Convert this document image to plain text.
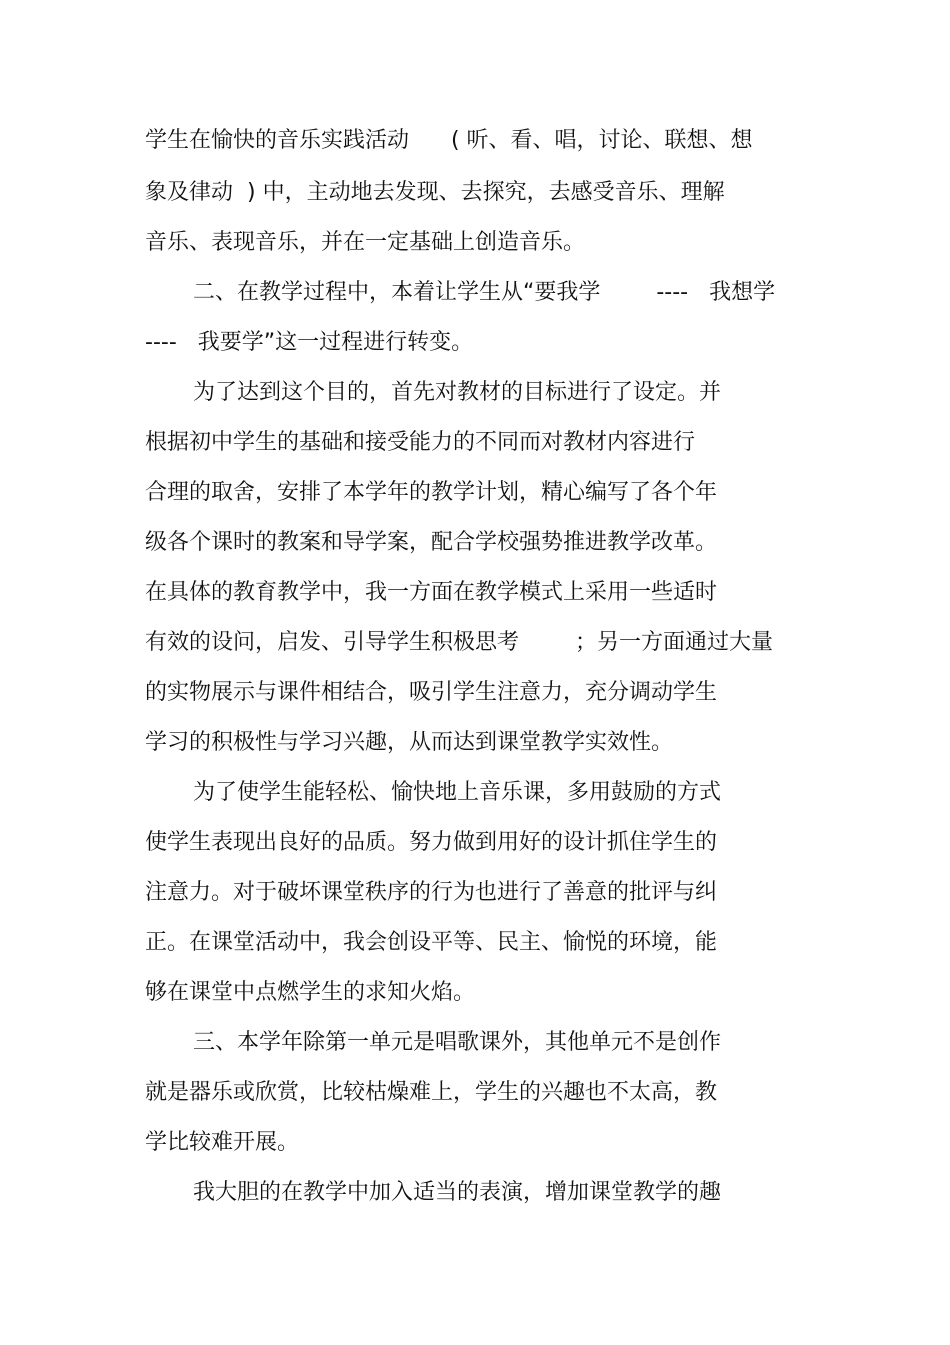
学生在愉快的音乐实践活动      ( 听、看、唱，讨论、联想、想
象及律动  ) 中，主动地去发现、去探究，去感受音乐、理解
音乐、表现音乐，并在一定基础上创造音乐。
二、在教学过程中，本着让学生从“要我学        ----   我想学
----   我要学”这一过程进行转变。
为了达到这个目的，首先对教材的目标进行了设定。并
根据初中学生的基础和接受能力的不同而对教材内容进行
合理的取舍，安排了本学年的教学计划，精心编写了各个年
级各个课时的教案和导学案，配合学校强势推进教学改革。
在具体的教育教学中，我一方面在教学模式上采用一些适时
有效的设问，启发、引导学生积极思考        ；另一方面通过大量
的实物展示与课件相结合，吸引学生注意力，充分调动学生
学习的积极性与学习兴趣，从而达到课堂教学实效性。
为了使学生能轻松、愉快地上音乐课，多用鼓励的方式
使学生表现出良好的品质。努力做到用好的设计抓住学生的
注意力。对于破坏课堂秩序的行为也进行了善意的批评与纠
正。在课堂活动中，我会创设平等、民主、愉悦的环境，能
够在课堂中点燃学生的求知火焰。
三、本学年除第一单元是唱歌课外，其他单元不是创作
就是器乐或欣赏，比较枯燥难上，学生的兴趣也不太高，教
学比较难开展。
我大胆的在教学中加入适当的表演，增加课堂教学的趣
